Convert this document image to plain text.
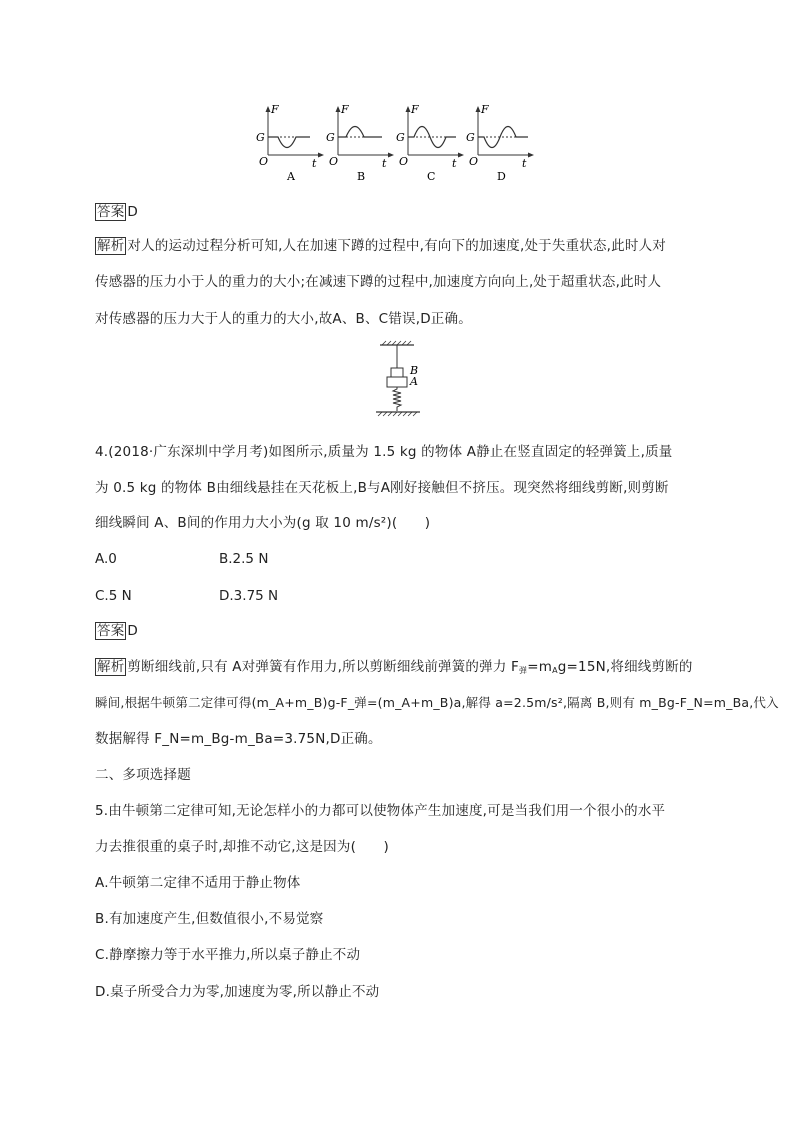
F
G
O	t
A
F
G
O	t
B
F
G
O	t
C
F
G
O	t
D
答案 D
解析 对人的运动过程分析可知,人在加速下蹲的过程中,有向下的加速度,处于失重状态,此时人对
传感器的压力小于人的重力的大小;在减速下蹲的过程中,加速度方向向上,处于超重状态,此时人
对传感器的压力大于人的重力的大小,故A、B、C错误,D正确。
B
A
4.(2018·广东深圳中学月考)如图所示,质量为 1.5 kg 的物体 A静止在竖直固定的轻弹簧上,质量
为 0.5 kg 的物体 B由细线悬挂在天花板上,B与A刚好接触但不挤压。现突然将细线剪断,则剪断
细线瞬间 A、B间的作用力大小为(g 取 10 m/s²)(　　)
A.0	B.2.5 N
C.5 N	D.3.75 N
答案 D
解析 剪断细线前,只有 A对弹簧有作用力,所以剪断细线前弹簧的弹力 $F_弹=m_Ag=15N$,将细线剪断的
瞬间,根据牛顿第二定律可得(m_A+m_B)g-F_弹=(m_A+m_B)a,解得 a=2.5m/s²,隔离 B,则有 m_Bg-F_N=m_Ba,代入
数据解得 F_N=m_Bg-m_Ba=3.75N,D正确。
二、多项选择题
5.由牛顿第二定律可知,无论怎样小的力都可以使物体产生加速度,可是当我们用一个很小的水平
力去推很重的桌子时,却推不动它,这是因为(　　)
A.牛顿第二定律不适用于静止物体
B.有加速度产生,但数值很小,不易觉察
C.静摩擦力等于水平推力,所以桌子静止不动
D.桌子所受合力为零,加速度为零,所以静止不动
